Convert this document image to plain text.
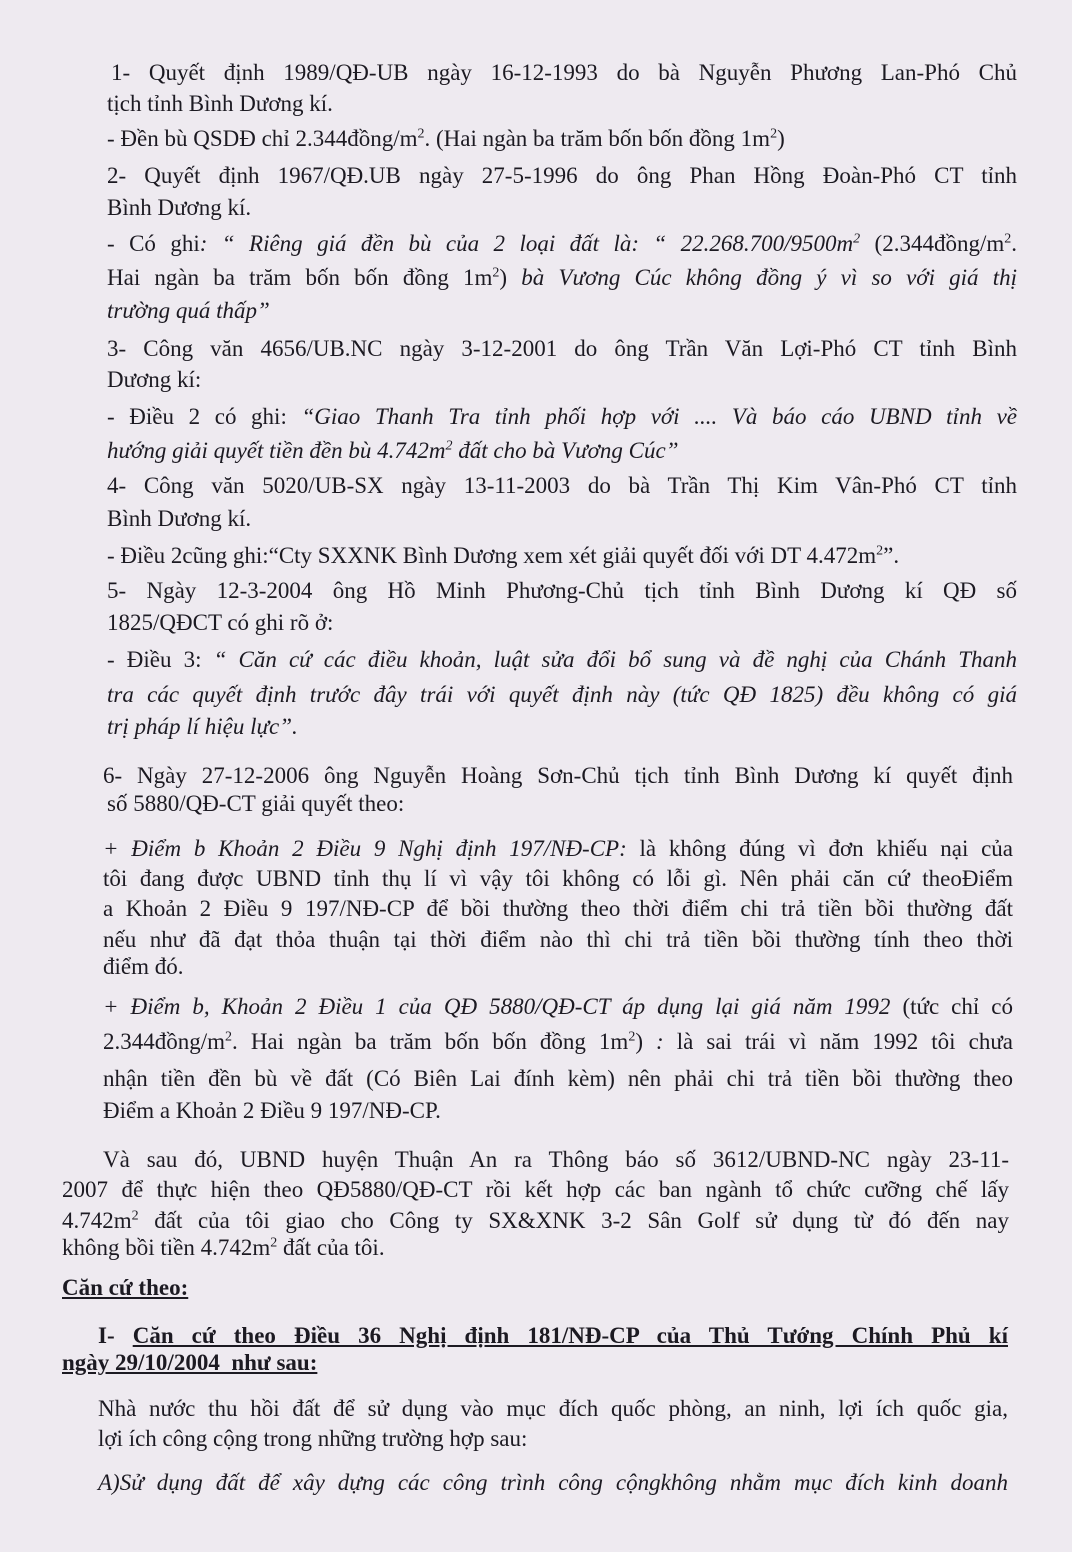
1- Quyết định 1989/QĐ-UB ngày 16-12-1993 do bà Nguyễn Phương Lan-Phó Chủ
tịch tỉnh Bình Dương kí.
- Đền bù QSDĐ chỉ $2.344đồng/m^2$. (Hai ngàn ba trăm bốn bốn đồng $1m^2$)
2- Quyết định 1967/QĐ.UB ngày 27-5-1996 do ông Phan Hồng Đoàn-Phó CT tỉnh
Bình Dương kí.
- Có ghi: “ Riêng giá đền bù của 2 loại đất là: “ $22.268.700/9500m^2$ ($2.344đồng/m^2$.
Hai ngàn ba trăm bốn bốn đồng $1m^2$) bà Vương Cúc không đồng ý vì so với giá thị
trường quá thấp”
3- Công văn 4656/UB.NC ngày 3-12-2001 do ông Trần Văn Lợi-Phó CT tỉnh Bình
Dương kí:
- Điều 2 có ghi: “Giao Thanh Tra tỉnh phối hợp với .... Và báo cáo UBND tỉnh về
hướng giải quyết tiền đền bù $4.742m^2$ đất cho bà Vương Cúc”
4- Công văn 5020/UB-SX ngày 13-11-2003 do bà Trần Thị Kim Vân-Phó CT tỉnh
Bình Dương kí.
- Điều 2cũng ghi:“Cty SXXNK Bình Dương xem xét giải quyết đối với DT $4.472m^2$”.
5- Ngày 12-3-2004 ông Hồ Minh Phương-Chủ tịch tỉnh Bình Dương kí QĐ số
1825/QĐCT có ghi rõ ở:
- Điều 3: “ Căn cứ các điều khoản, luật sửa đổi bổ sung và đề nghị của Chánh Thanh
tra các quyết định trước đây trái với quyết định này (tức QĐ 1825) đều không có giá
trị pháp lí hiệu lực”.
6- Ngày 27-12-2006 ông Nguyễn Hoàng Sơn-Chủ tịch tỉnh Bình Dương kí quyết định
số 5880/QĐ-CT giải quyết theo:
+ Điểm b Khoản 2 Điều 9 Nghị định 197/NĐ-CP: là không đúng vì đơn khiếu nại của
tôi đang được UBND tỉnh thụ lí vì vậy tôi không có lỗi gì. Nên phải căn cứ theoĐiểm
a Khoản 2 Điều 9 197/NĐ-CP để bồi thường theo thời điểm chi trả tiền bồi thường đất
nếu như đã đạt thỏa thuận tại thời điểm nào thì chi trả tiền bồi thường tính theo thời
điểm đó.
+ Điểm b, Khoản 2 Điều 1 của QĐ 5880/QĐ-CT áp dụng lại giá năm 1992 (tức chỉ có
$2.344đồng/m^2$. Hai ngàn ba trăm bốn bốn đồng $1m^2$) : là sai trái vì năm 1992 tôi chưa
nhận tiền đền bù về đất (Có Biên Lai đính kèm) nên phải chi trả tiền bồi thường theo
Điểm a Khoản 2 Điều 9 197/NĐ-CP.
Và sau đó, UBND huyện Thuận An ra Thông báo số 3612/UBND-NC ngày 23-11-
2007 để thực hiện theo QĐ5880/QĐ-CT rồi kết hợp các ban ngành tổ chức cưỡng chế lấy
$4.742m^2$ đất của tôi giao cho Công ty SX&XNK 3-2 Sân Golf sử dụng từ đó đến nay
không bồi tiền $4.742m^2$ đất của tôi.
Căn cứ theo:
I- Căn cứ theo Điều 36 Nghị định 181/NĐ-CP của Thủ Tướng Chính Phủ kí
ngày 29/10/2004  như sau:
Nhà nước thu hồi đất để sử dụng vào mục đích quốc phòng, an ninh, lợi ích quốc gia,
lợi ích công cộng trong những trường hợp sau:
A)Sử dụng đất để xây dựng các công trình công cộngkhông nhằm mục đích kinh doanh
